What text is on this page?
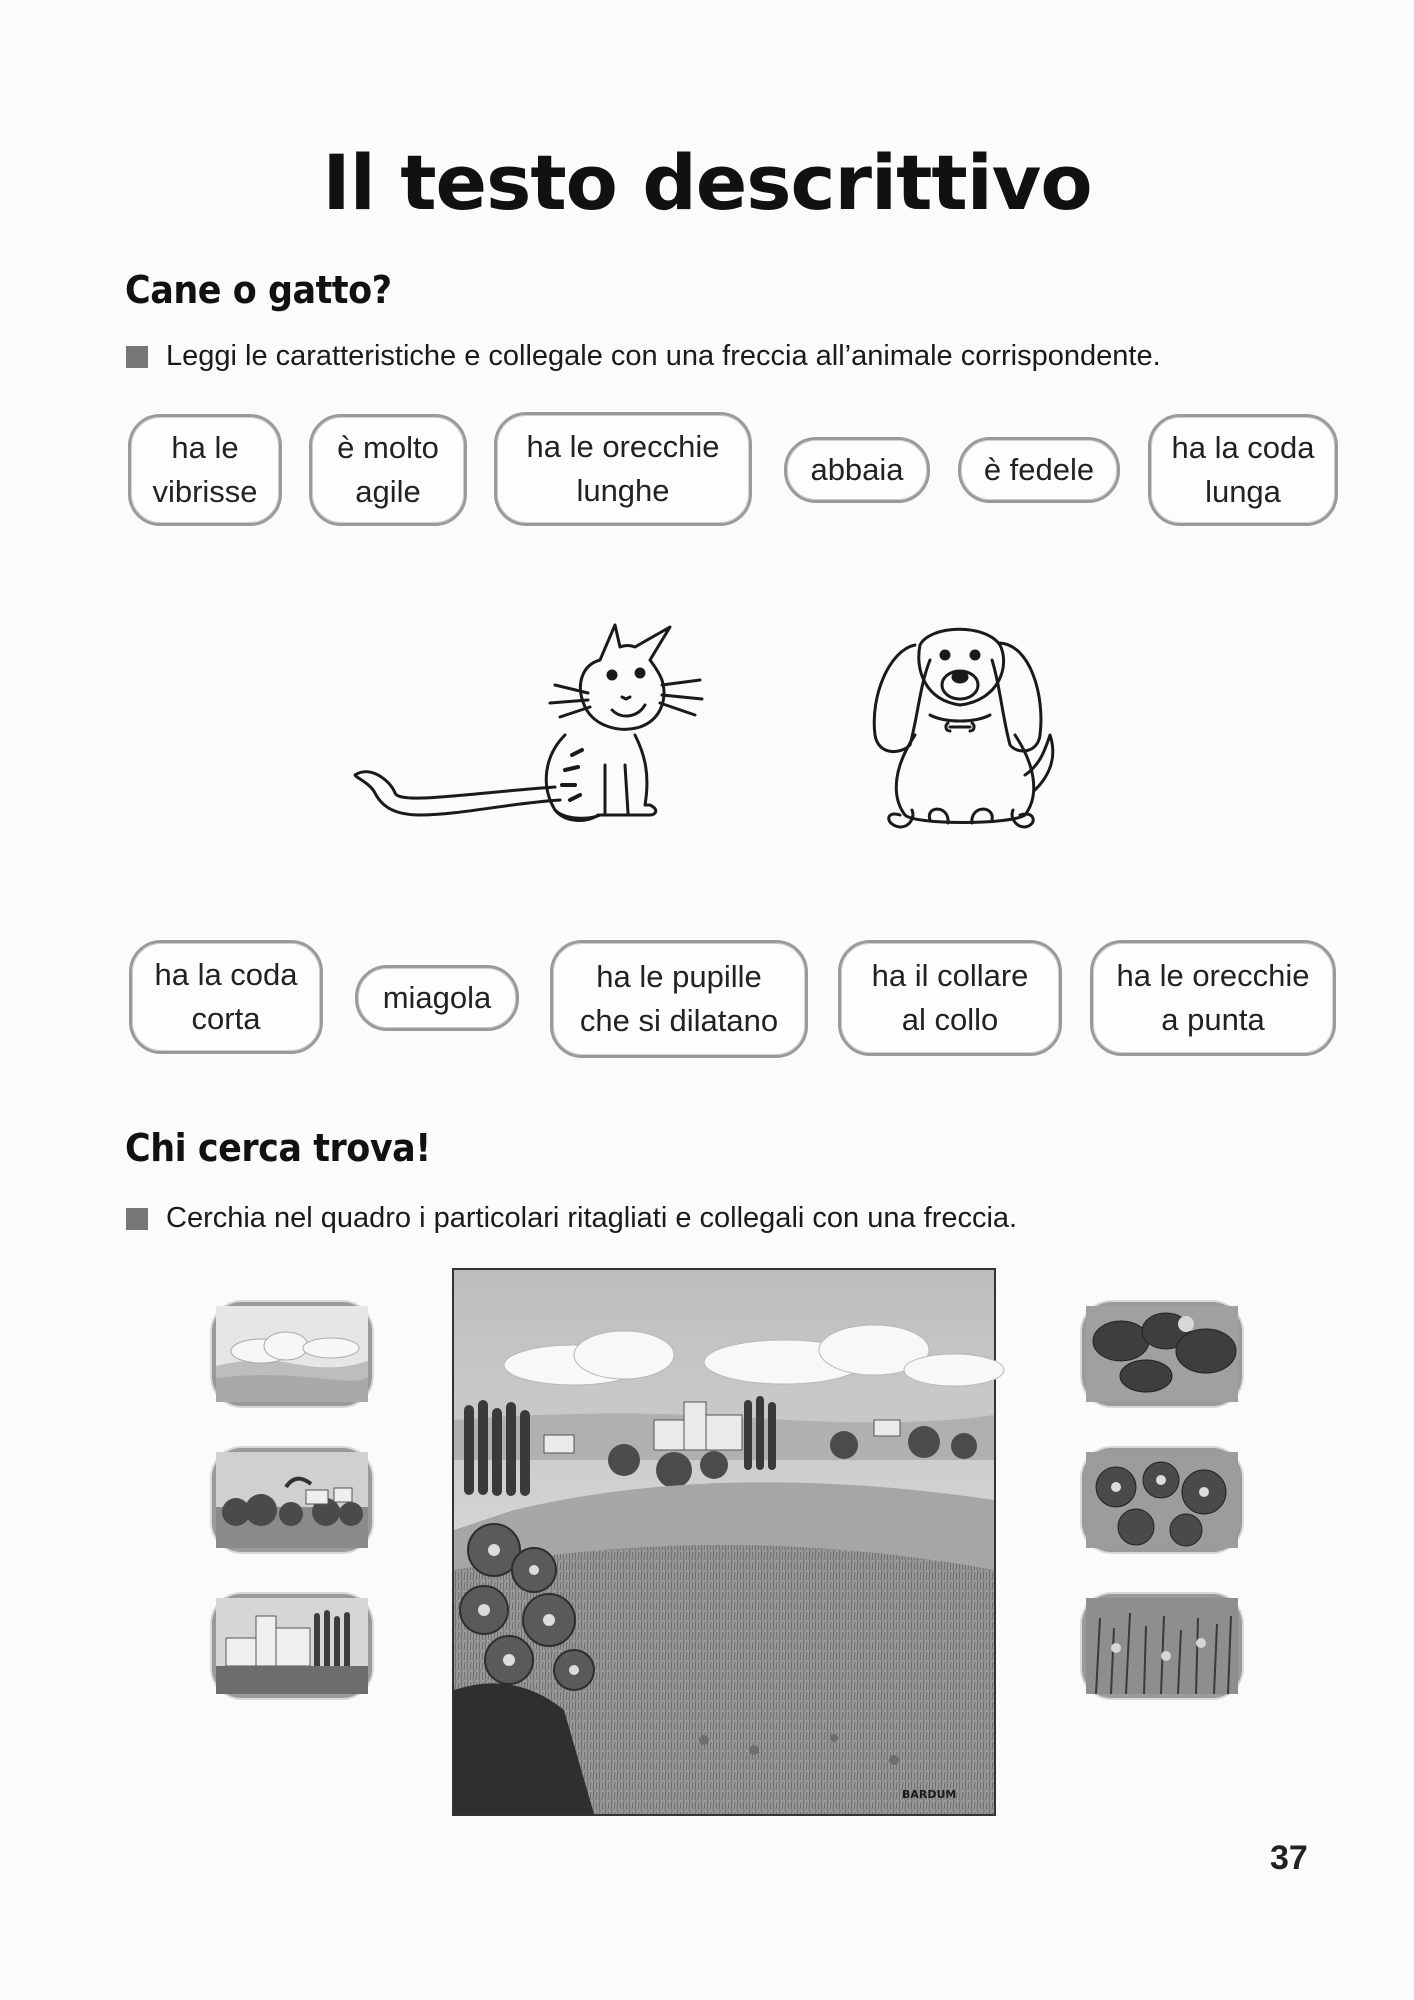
Il testo descrittivo
Cane o gatto?
Leggi le caratteristiche e collegale con una freccia all’animale corrispondente.
ha le
vibrisse
è molto
agile
ha le orecchie
lunghe
abbaia	è fedele
ha la coda
lunga
ha la coda
corta
miagola
ha le pupille
che si dilatano
ha il collare
al collo
ha le orecchie
a punta
Chi cerca trova!
Cerchia nel quadro i particolari ritagliati e collegali con una freccia.
BARDUM
37
